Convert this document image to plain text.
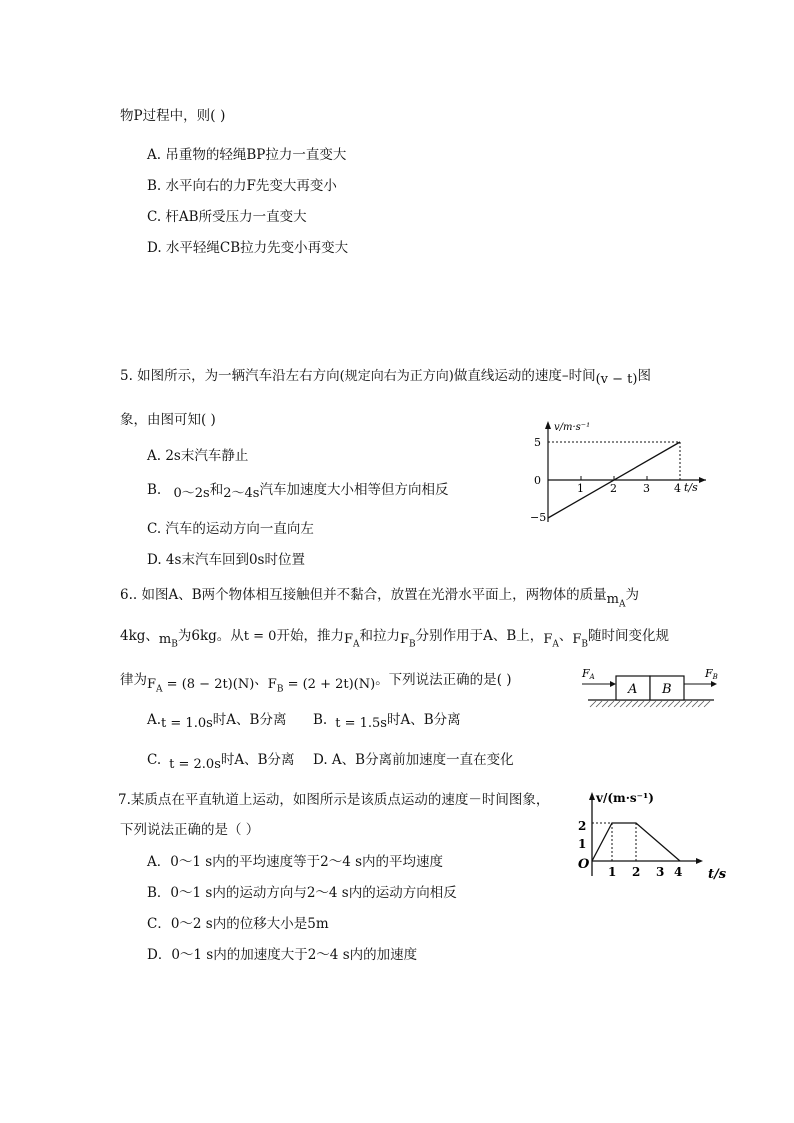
物P过程中，则( )
A. 吊重物的轻绳BP拉力一直变大
B. 水平向右的力F先变大再变小
C. 杆AB所受压力一直变大
D. 水平轻绳CB拉力先变小再变大
5. 如图所示，为一辆汽车沿左右方向(规定向右为正方向)做直线运动的速度–时间(v − t)图
象，由图可知( )
A. 2s末汽车静止
B. 0～2s和2～4s汽车加速度大小相等但方向相反
C. 汽车的运动方向一直向左
D. 4s末汽车回到0s时位置
v/m·s⁻¹
t/s
1 2 3 4
5
0
−5
6.. 如图A、B两个物体相互接触但并不黏合，放置在光滑水平面上，两物体的质量$m_A$为
4kg、$m_B$为6kg。从t = 0开始，推力$F_A$和拉力$F_B$分别作用于A、B上，$F_A$、$F_B$随时间变化规
律为$F_A = (8 - 2t)(N)$、$F_B = (2 + 2t)(N)$。下列说法正确的是( )
A.t = 1.0s时A、B分离 B. t = 1.5s时A、B分离
C. t = 2.0s时A、B分离 D. A、B分离前加速度一直在变化
A B
FA	FB
7.某质点在平直轨道上运动，如图所示是该质点运动的速度－时间图象，
下列说法正确的是（ ）
A．0～1 s内的平均速度等于2～4 s内的平均速度
B．0～1 s内的运动方向与2～4 s内的运动方向相反
C．0～2 s内的位移大小是5m
D．0～1 s内的加速度大于2～4 s内的加速度
v/(m·s⁻¹)
2
1
O 1 2 3 4 t/s
